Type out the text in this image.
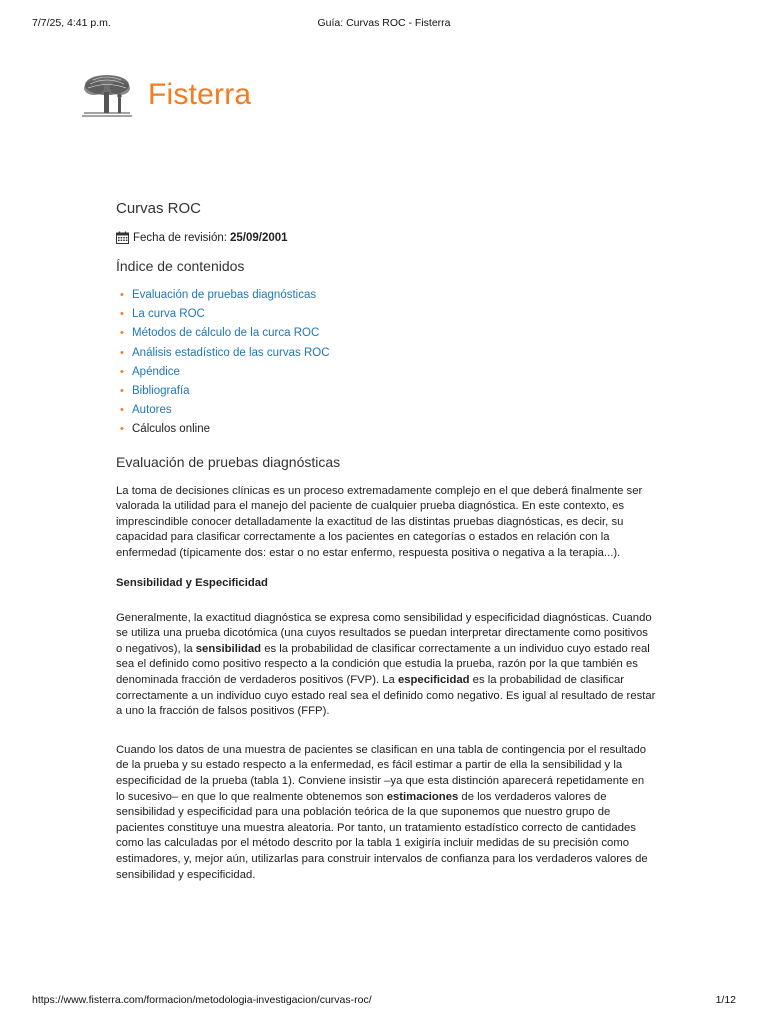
7/7/25, 4:41 p.m.	Guía: Curvas ROC - Fisterra
Fisterra
Curvas ROC
Fecha de revisión: 25/09/2001
Índice de contenidos
• Evaluación de pruebas diagnósticas
• La curva ROC
• Métodos de cálculo de la curca ROC
• Análisis estadístico de las curvas ROC
• Apéndice
• Bibliografía
• Autores
• Cálculos online
Evaluación de pruebas diagnósticas

La toma de decisiones clínicas es un proceso extremadamente complejo en el que deberá finalmente ser valorada la utilidad para el manejo del paciente de cualquier prueba diagnóstica. En este contexto, es imprescindible conocer detalladamente la exactitud de las distintas pruebas diagnósticas, es decir, su capacidad para clasificar correctamente a los pacientes en categorías o estados en relación con la enfermedad (típicamente dos: estar o no estar enfermo, respuesta positiva o negativa a la terapia...).

Sensibilidad y Especificidad

Generalmente, la exactitud diagnóstica se expresa como sensibilidad y especificidad diagnósticas. Cuando se utiliza una prueba dicotómica (una cuyos resultados se puedan interpretar directamente como positivos o negativos), la sensibilidad es la probabilidad de clasificar correctamente a un individuo cuyo estado real sea el definido como positivo respecto a la condición que estudia la prueba, razón por la que también es denominada fracción de verdaderos positivos (FVP). La especificidad es la probabilidad de clasificar correctamente a un individuo cuyo estado real sea el definido como negativo. Es igual al resultado de restar a uno la fracción de falsos positivos (FFP).

Cuando los datos de una muestra de pacientes se clasifican en una tabla de contingencia por el resultado de la prueba y su estado respecto a la enfermedad, es fácil estimar a partir de ella la sensibilidad y la especificidad de la prueba (tabla 1). Conviene insistir –ya que esta distinción aparecerá repetidamente en lo sucesivo– en que lo que realmente obtenemos son estimaciones de los verdaderos valores de sensibilidad y especificidad para una población teórica de la que suponemos que nuestro grupo de pacientes constituye una muestra aleatoria. Por tanto, un tratamiento estadístico correcto de cantidades como las calculadas por el método descrito por la tabla 1 exigiría incluir medidas de su precisión como estimadores, y, mejor aún, utilizarlas para construir intervalos de confianza para los verdaderos valores de sensibilidad y especificidad.

https://www.fisterra.com/formacion/metodologia-investigacion/curvas-roc/	1/12
